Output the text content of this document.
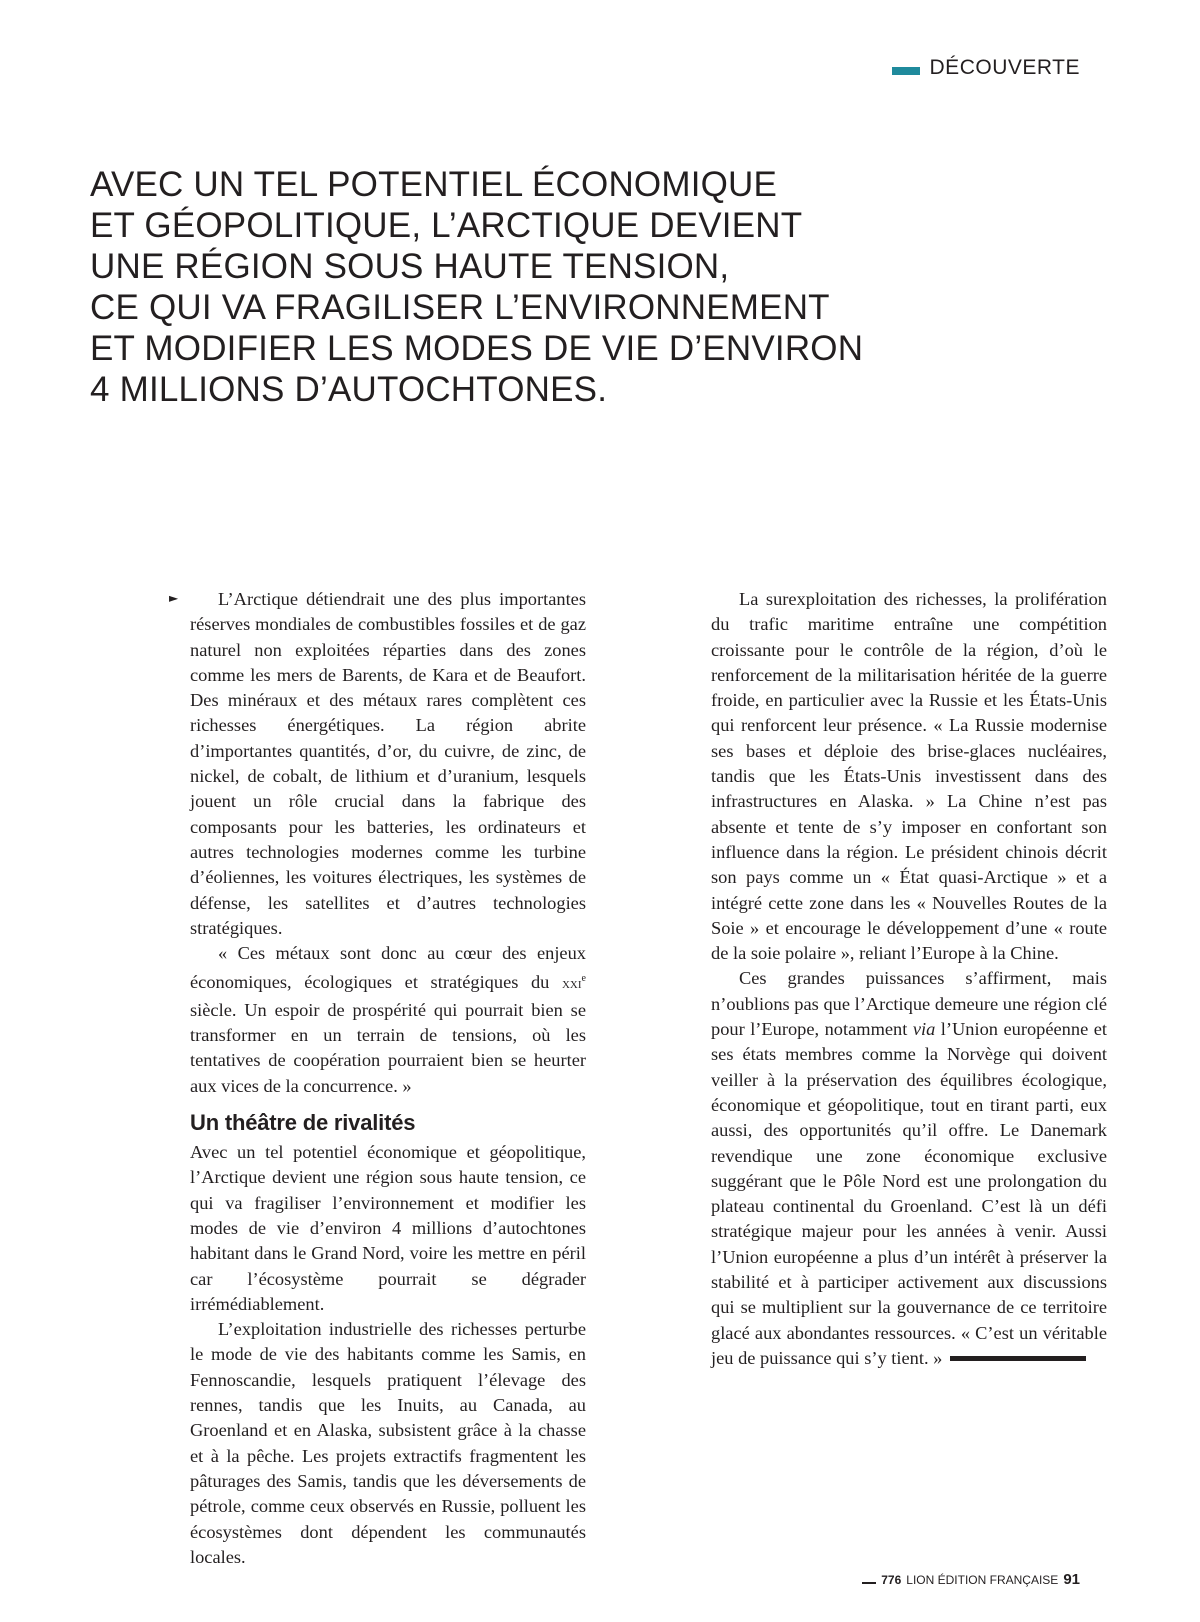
DÉCOUVERTE
AVEC UN TEL POTENTIEL ÉCONOMIQUE
ET GÉOPOLITIQUE, L’ARCTIQUE DEVIENT
UNE RÉGION SOUS HAUTE TENSION,
CE QUI VA FRAGILISER L’ENVIRONNEMENT
ET MODIFIER LES MODES DE VIE D’ENVIRON
4 MILLIONS D’AUTOCHTONES.
►	L’Arctique détiendrait une des plus importantes réserves mondiales de combustibles fossiles et de gaz naturel non exploitées réparties dans des zones comme les mers de Barents, de Kara et de Beaufort. Des minéraux et des métaux rares complètent ces richesses énergétiques. La région abrite d’importantes quantités, d’or, du cuivre, de zinc, de nickel, de cobalt, de lithium et d’uranium, lesquels jouent un rôle crucial dans la fabrique des composants pour les batteries, les ordinateurs et autres technologies modernes comme les turbine d’éoliennes, les voitures électriques, les systèmes de défense, les satellites et d’autres technologies stratégiques.

« Ces métaux sont donc au cœur des enjeux économiques, écologiques et stratégiques du xxi$^e$ siècle. Un espoir de prospérité qui pourrait bien se transformer en un terrain de tensions, où les tentatives de coopération pourraient bien se heurter aux vices de la concurrence. »

Un théâtre de rivalités

Avec un tel potentiel économique et géopolitique, l’Arctique devient une région sous haute tension, ce qui va fragiliser l’environnement et modifier les modes de vie d’environ 4 millions d’autochtones habitant dans le Grand Nord, voire les mettre en péril car l’écosystème pourrait se dégrader irrémédiablement.

L’exploitation industrielle des richesses perturbe le mode de vie des habitants comme les Samis, en Fennoscandie, lesquels pratiquent l’élevage des rennes, tandis que les Inuits, au Canada, au Groenland et en Alaska, subsistent grâce à la chasse et à la pêche. Les projets extractifs fragmentent les pâturages des Samis, tandis que les déversements de pétrole, comme ceux observés en Russie, polluent les écosystèmes dont dépendent les communautés locales.

La surexploitation des richesses, la prolifération du trafic maritime entraîne une compétition croissante pour le contrôle de la région, d’où le renforcement de la militarisation héritée de la guerre froide, en particulier avec la Russie et les États-Unis qui renforcent leur présence. « La Russie modernise ses bases et déploie des brise-glaces nucléaires, tandis que les États-Unis investissent dans des infrastructures en Alaska. » La Chine n’est pas absente et tente de s’y imposer en confortant son influence dans la région. Le président chinois décrit son pays comme un « État quasi-Arctique » et a intégré cette zone dans les « Nouvelles Routes de la Soie » et encourage le développement d’une « route de la soie polaire », reliant l’Europe à la Chine.

Ces grandes puissances s’affirment, mais n’oublions pas que l’Arctique demeure une région clé pour l’Europe, notamment via l’Union européenne et ses états membres comme la Norvège qui doivent veiller à la préservation des équilibres écologique, économique et géopolitique, tout en tirant parti, eux aussi, des opportunités qu’il offre. Le Danemark revendique une zone économique exclusive suggérant que le Pôle Nord est une prolongation du plateau continental du Groenland. C’est là un défi stratégique majeur pour les années à venir. Aussi l’Union européenne a plus d’un intérêt à préserver la stabilité et à participer activement aux discussions qui se multiplient sur la gouvernance de ce territoire glacé aux abondantes ressources. « C’est un véritable jeu de puissance qui s’y tient. »

776 LION ÉDITION FRANÇAISE 91
